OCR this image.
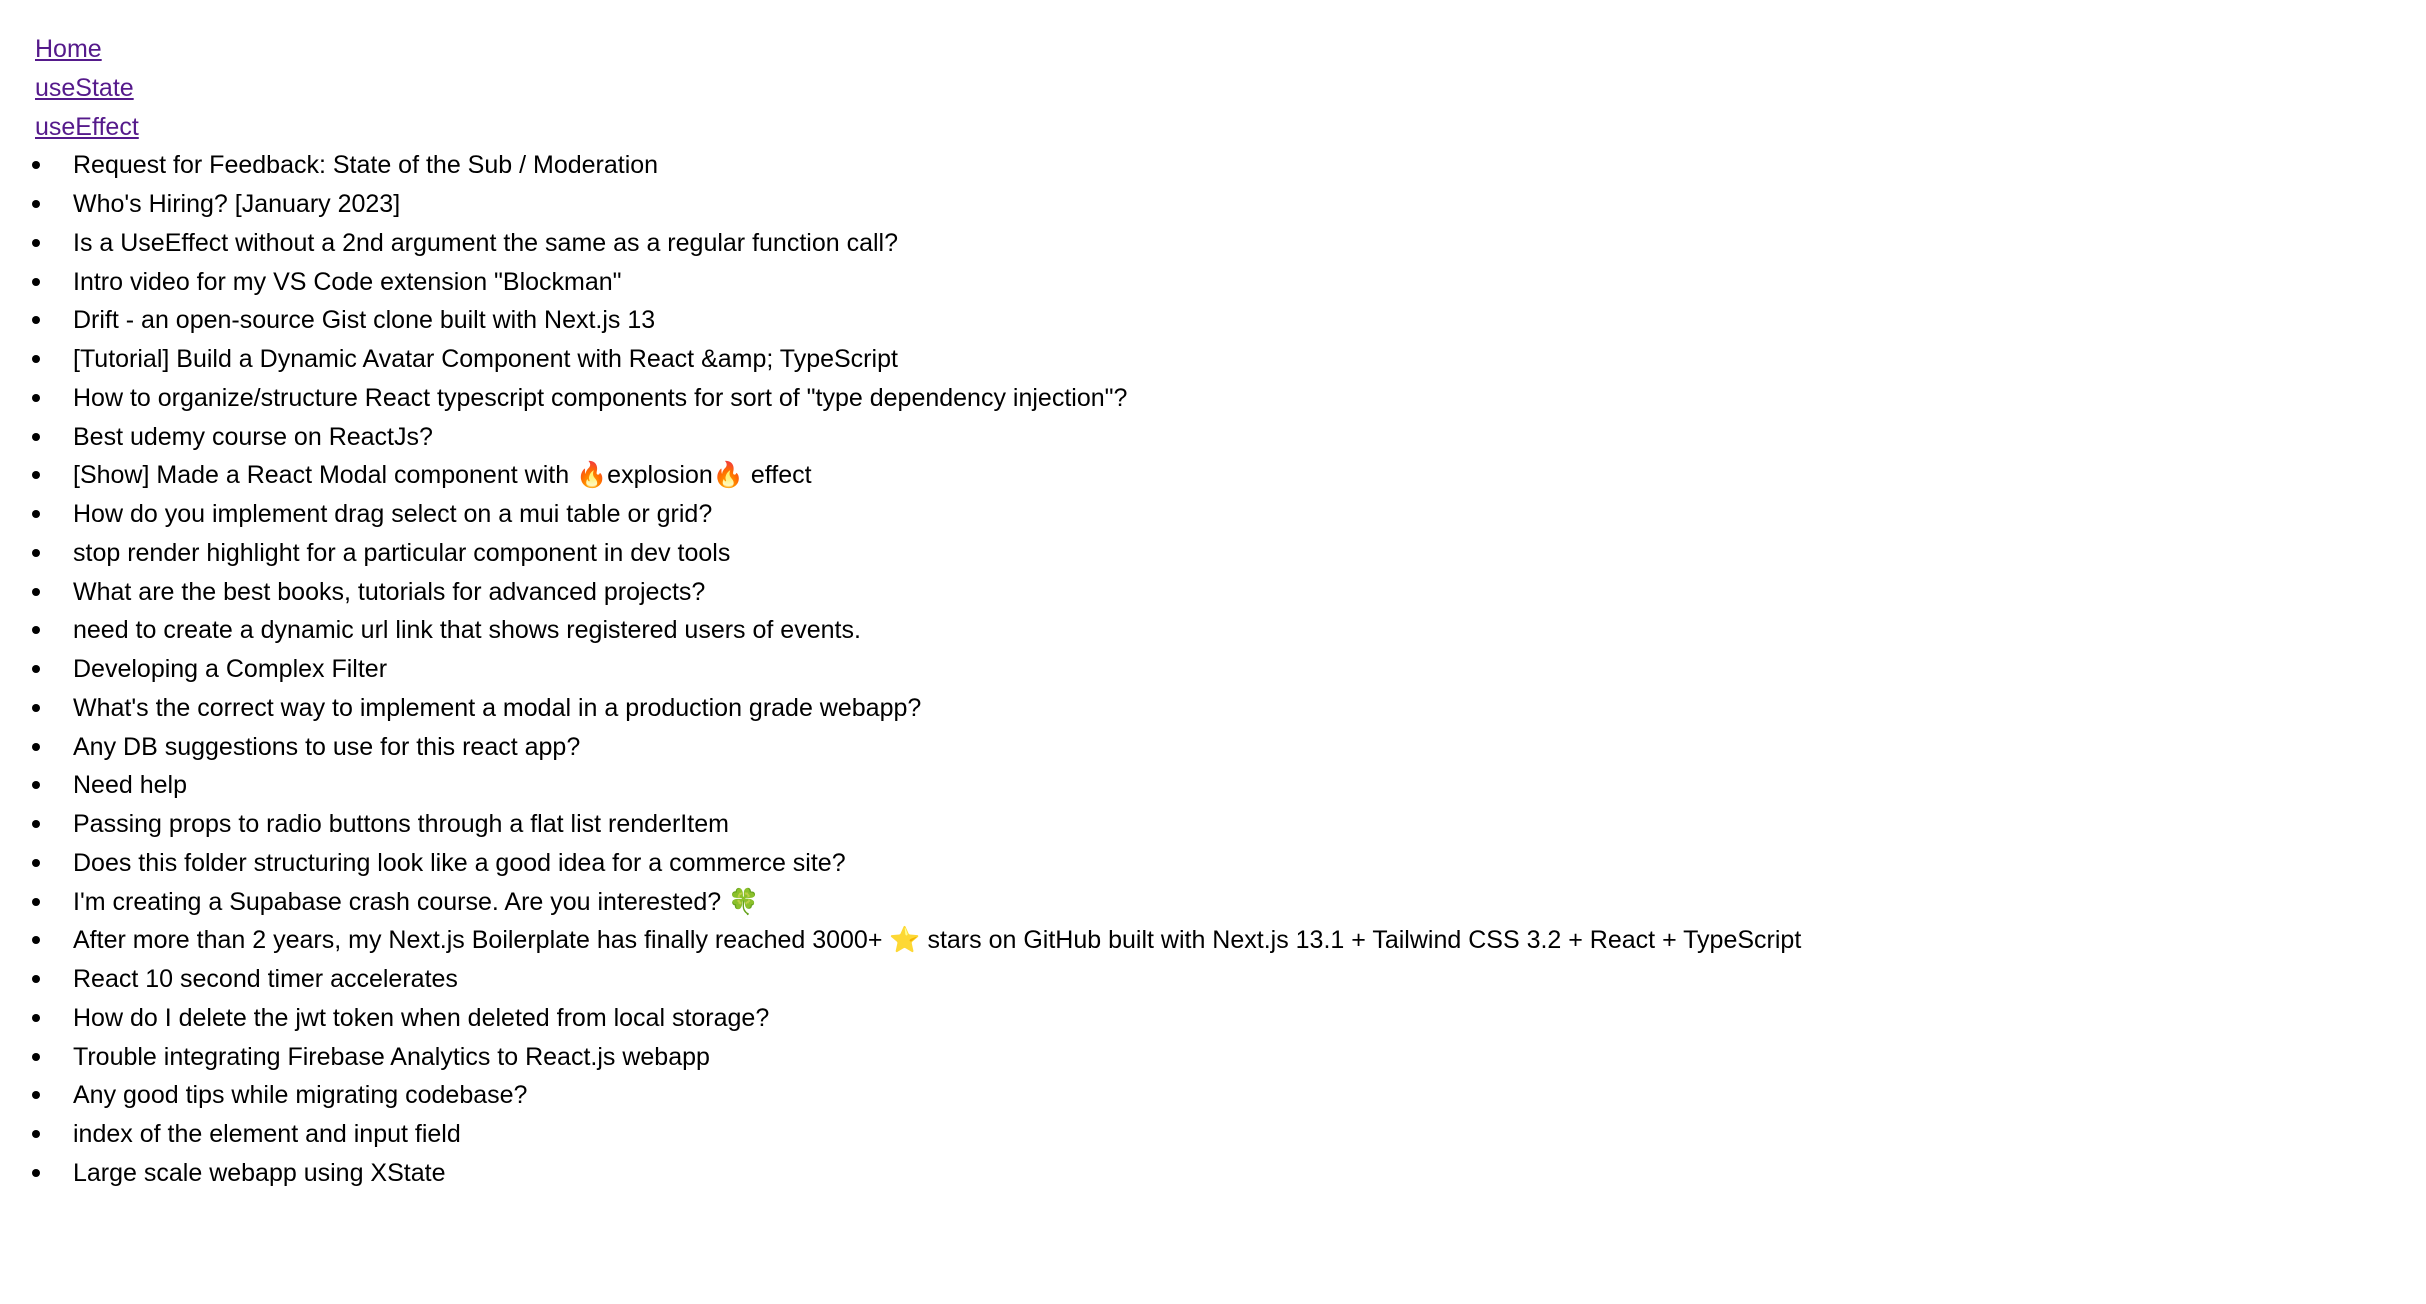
Home
useState
useEffect
Request for Feedback: State of the Sub / Moderation
Who's Hiring? [January 2023]
Is a UseEffect without a 2nd argument the same as a regular function call?
Intro video for my VS Code extension "Blockman"
Drift - an open-source Gist clone built with Next.js 13
[Tutorial] Build a Dynamic Avatar Component with React &amp; TypeScript
How to organize/structure React typescript components for sort of "type dependency injection"?
Best udemy course on ReactJs?
[Show] Made a React Modal component with 🔥explosion🔥 effect
How do you implement drag select on a mui table or grid?
stop render highlight for a particular component in dev tools
What are the best books, tutorials for advanced projects?
need to create a dynamic url link that shows registered users of events.
Developing a Complex Filter
What's the correct way to implement a modal in a production grade webapp?
Any DB suggestions to use for this react app?
Need help
Passing props to radio buttons through a flat list renderItem
Does this folder structuring look like a good idea for a commerce site?
I'm creating a Supabase crash course. Are you interested? 🍀
After more than 2 years, my Next.js Boilerplate has finally reached 3000+ ⭐ stars on GitHub built with Next.js 13.1 + Tailwind CSS 3.2 + React + TypeScript
React 10 second timer accelerates
How do I delete the jwt token when deleted from local storage?
Trouble integrating Firebase Analytics to React.js webapp
Any good tips while migrating codebase?
index of the element and input field
Large scale webapp using XState
